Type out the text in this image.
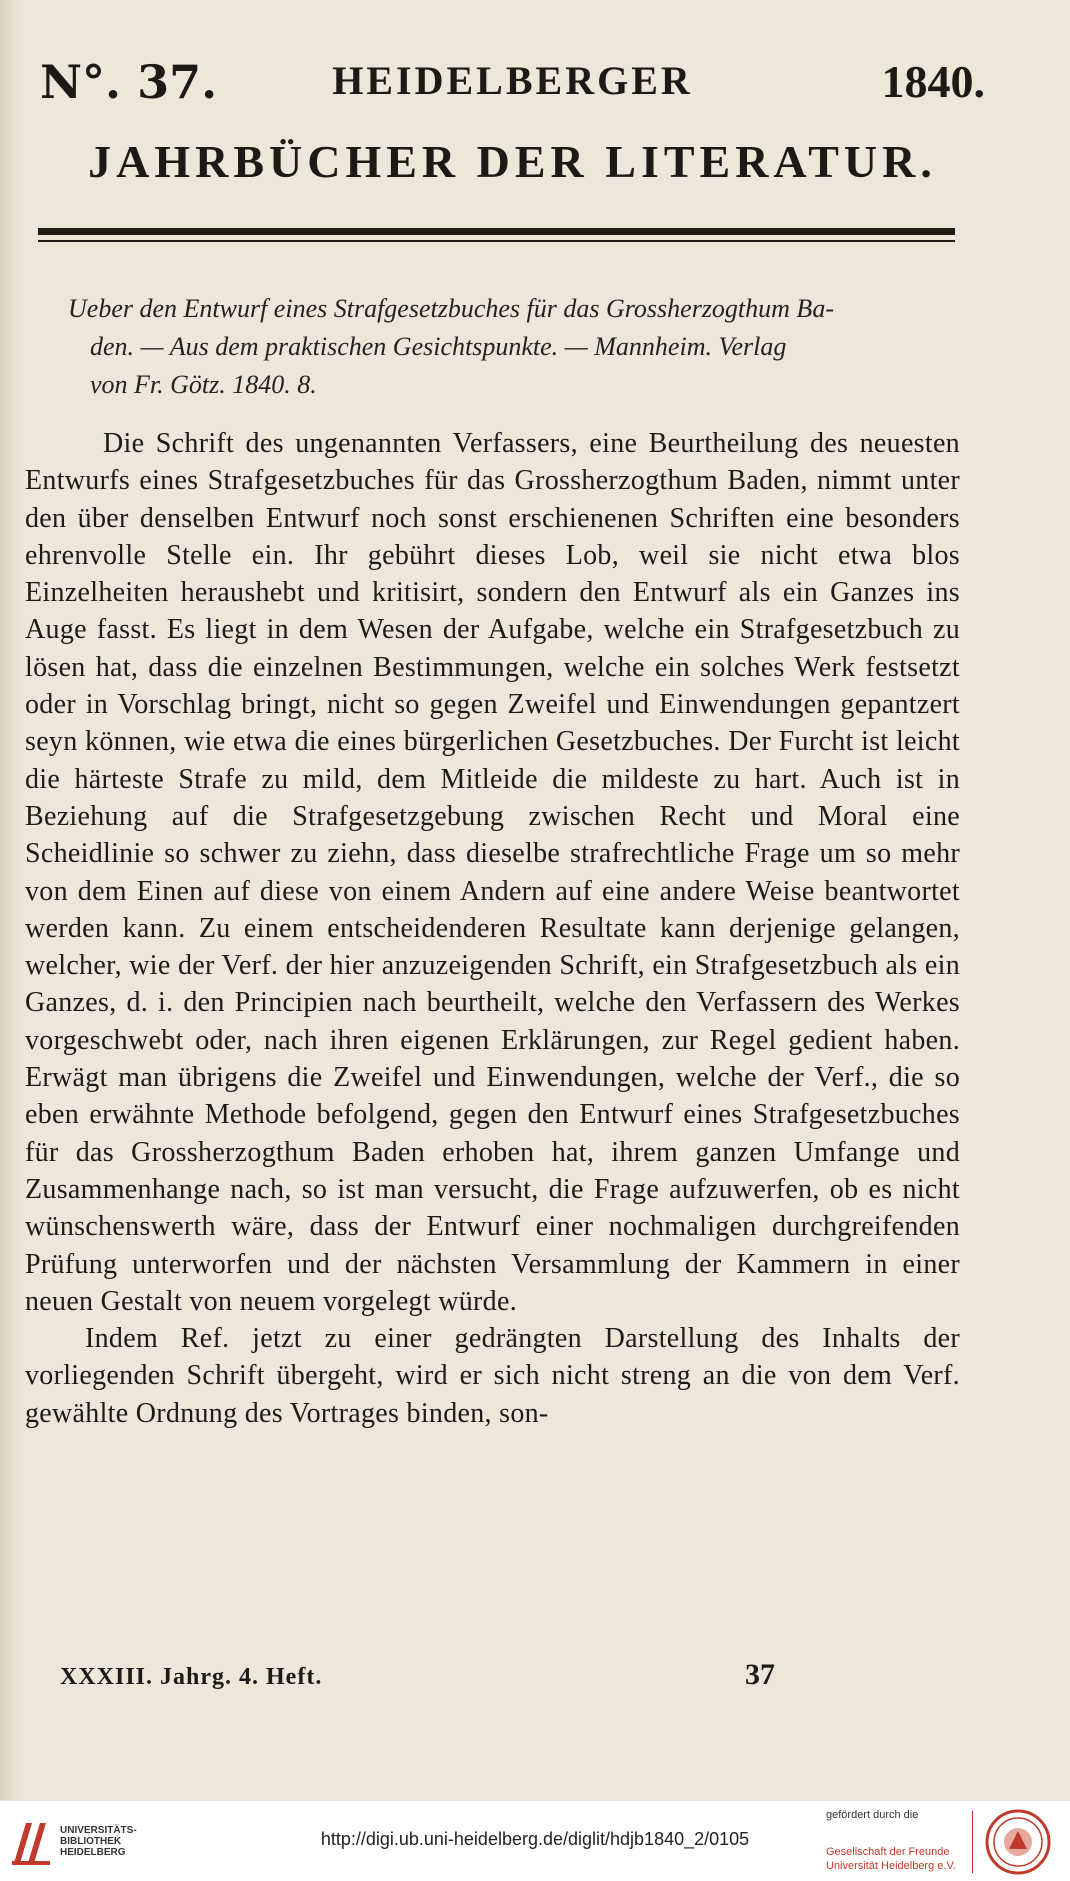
N°. 37.	HEIDELBERGER	1840.
JAHRBÜCHER DER LITERATUR.
Ueber den Entwurf eines Strafgesetzbuches für das Grossherzogthum Ba-
den. — Aus dem praktischen Gesichtspunkte. — Mannheim. Verlag
von Fr. Götz. 1840. 8.

Die Schrift des ungenannten Verfassers, eine Beurtheilung des neuesten Entwurfs eines Strafgesetzbuches für das Grossherzogthum Baden, nimmt unter den über denselben Entwurf noch sonst erschienenen Schriften eine besonders ehrenvolle Stelle ein. Ihr gebührt dieses Lob, weil sie nicht etwa blos Einzelheiten heraushebt und kritisirt, sondern den Entwurf als ein Ganzes ins Auge fasst. Es liegt in dem Wesen der Aufgabe, welche ein Strafgesetzbuch zu lösen hat, dass die einzelnen Bestimmungen, welche ein solches Werk festsetzt oder in Vorschlag bringt, nicht so gegen Zweifel und Einwendungen gepantzert seyn können, wie etwa die eines bürgerlichen Gesetzbuches. Der Furcht ist leicht die härteste Strafe zu mild, dem Mitleide die mildeste zu hart. Auch ist in Beziehung auf die Strafgesetzgebung zwischen Recht und Moral eine Scheidlinie so schwer zu ziehn, dass dieselbe strafrechtliche Frage um so mehr von dem Einen auf diese von einem Andern auf eine andere Weise beantwortet werden kann. Zu einem entscheidenderen Resultate kann derjenige gelangen, welcher, wie der Verf. der hier anzuzeigenden Schrift, ein Strafgesetzbuch als ein Ganzes, d. i. den Principien nach beurtheilt, welche den Verfassern des Werkes vorgeschwebt oder, nach ihren eigenen Erklärungen, zur Regel gedient haben. Erwägt man übrigens die Zweifel und Einwendungen, welche der Verf., die so eben erwähnte Methode befolgend, gegen den Entwurf eines Strafgesetzbuches für das Grossherzogthum Baden erhoben hat, ihrem ganzen Umfange und Zusammenhange nach, so ist man versucht, die Frage aufzuwerfen, ob es nicht wünschenswerth wäre, dass der Entwurf einer nochmaligen durchgreifenden Prüfung unterworfen und der nächsten Versammlung der Kammern in einer neuen Gestalt von neuem vorgelegt würde.

Indem Ref. jetzt zu einer gedrängten Darstellung des Inhalts der vorliegenden Schrift übergeht, wird er sich nicht streng an die von dem Verf. gewählte Ordnung des Vortrages binden, son-

XXXIII. Jahrg. 4. Heft.	37
UNIVERSITÄTS- BIBLIOTHEK HEIDELBERG
http://digi.ub.uni-heidelberg.de/diglit/hdjb1840_2/0105
gefördert durch die
Gesellschaft der Freunde
Universität Heidelberg e.V.
